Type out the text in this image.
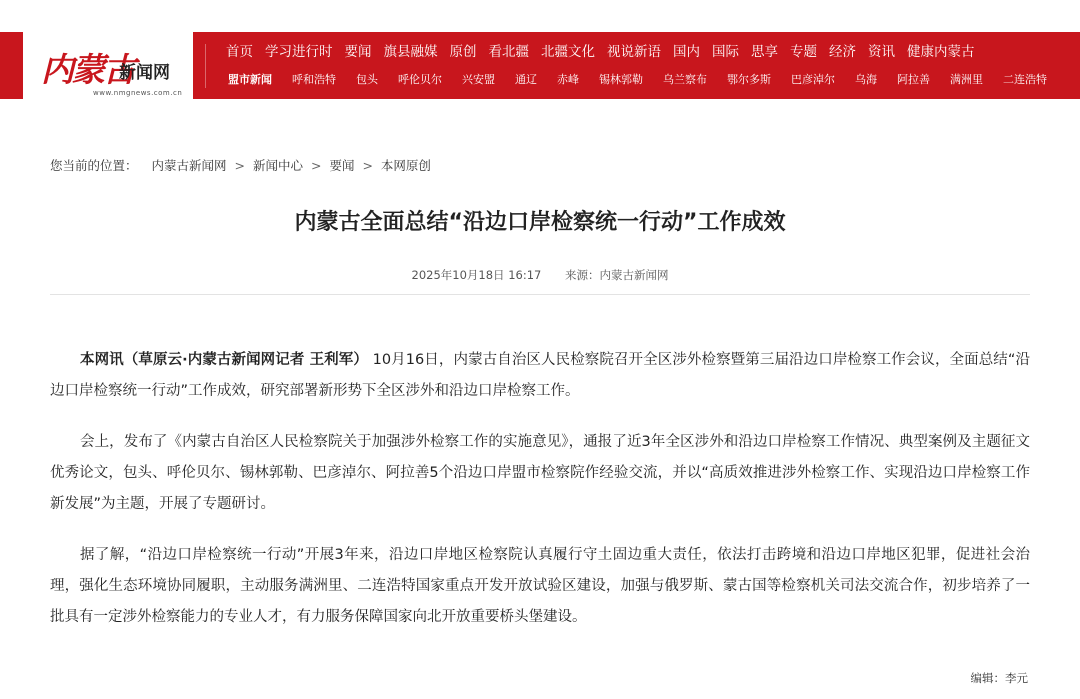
内蒙古
新闻网
www.nmgnews.com.cn
首页 学习进行时 要闻 旗县融媒 原创 看北疆 北疆文化 视说新语 国内 国际 思享 专题 经济 资讯 健康内蒙古
盟市新闻 呼和浩特 包头 呼伦贝尔 兴安盟 通辽 赤峰 锡林郭勒 乌兰察布 鄂尔多斯 巴彦淖尔 乌海 阿拉善 满洲里 二连浩特
您当前的位置： 内蒙古新闻网 > 新闻中心 > 要闻 > 本网原创
内蒙古全面总结“沿边口岸检察统一行动”工作成效
2025年10月18日 16:17 来源：内蒙古新闻网

本网讯（草原云·内蒙古新闻网记者 王利军） 10月16日，内蒙古自治区人民检察院召开全区涉外检察暨第三届沿边口岸检察工作会议，全面总结“沿边口岸检察统一行动”工作成效，研究部署新形势下全区涉外和沿边口岸检察工作。

会上，发布了《内蒙古自治区人民检察院关于加强涉外检察工作的实施意见》，通报了近3年全区涉外和沿边口岸检察工作情况、典型案例及主题征文优秀论文，包头、呼伦贝尔、锡林郭勒、巴彦淖尔、阿拉善5个沿边口岸盟市检察院作经验交流，并以“高质效推进涉外检察工作、实现沿边口岸检察工作新发展”为主题，开展了专题研讨。

据了解，“沿边口岸检察统一行动”开展3年来，沿边口岸地区检察院认真履行守土固边重大责任，依法打击跨境和沿边口岸地区犯罪，促进社会治理，强化生态环境协同履职，主动服务满洲里、二连浩特国家重点开发开放试验区建设，加强与俄罗斯、蒙古国等检察机关司法交流合作，初步培养了一批具有一定涉外检察能力的专业人才，有力服务保障国家向北开放重要桥头堡建设。

编辑：李元
